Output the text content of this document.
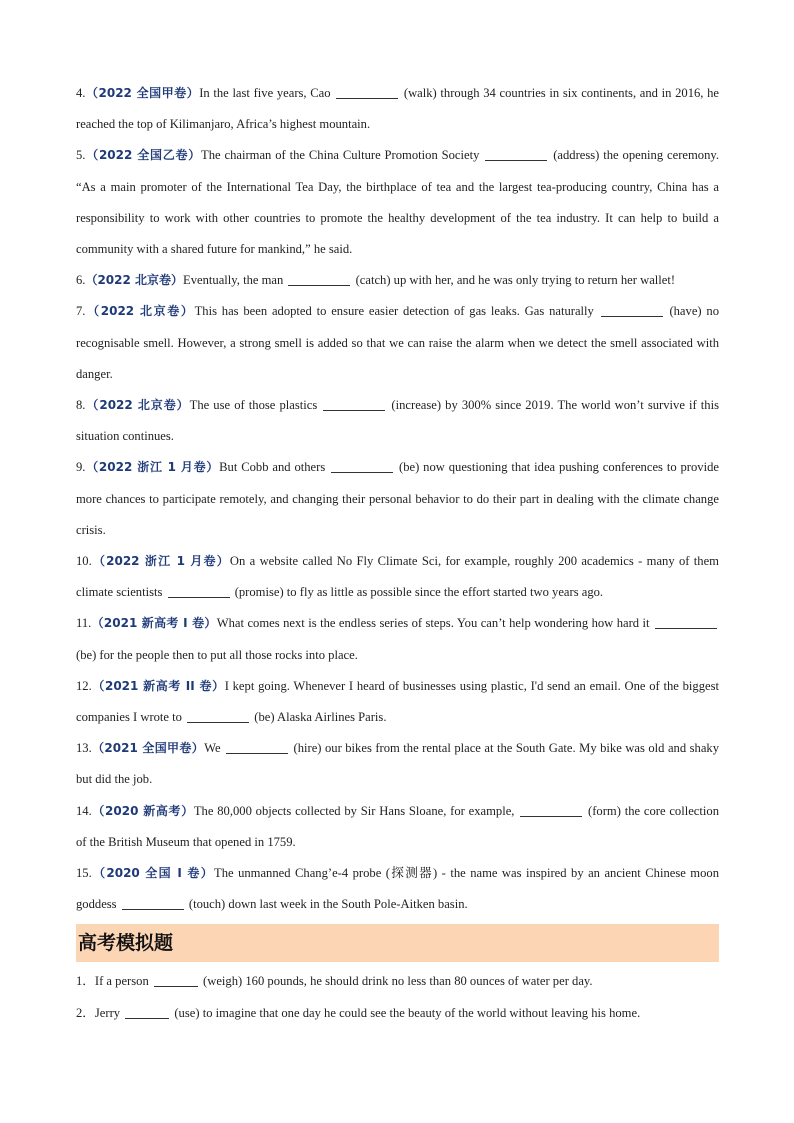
4.（2022 全国甲卷）In the last five years, Cao	(walk) through 34 countries in six continents, and in 2016, he reached the top of Kilimanjaro, Africa’s highest mountain.

5.（2022 全国乙卷）The chairman of the China Culture Promotion Society	(address) the opening ceremony. “As a main promoter of the International Tea Day, the birthplace of tea and the largest tea-producing country, China has a responsibility to work with other countries to promote the healthy development of the tea industry. It can help to build a community with a shared future for mankind,” he said.

6.（2022 北京卷）Eventually, the man	(catch) up with her, and he was only trying to return her wallet!

7.（2022 北京卷）This has been adopted to ensure easier detection of gas leaks. Gas naturally	(have) no recognisable smell. However, a strong smell is added so that we can raise the alarm when we detect the smell associated with danger.

8.（2022 北京卷）The use of those plastics	(increase) by 300% since 2019. The world won’t survive if this situation continues.

9.（2022 浙江 1 月卷）But Cobb and others	(be) now questioning that idea pushing conferences to provide more chances to participate remotely, and changing their personal behavior to do their part in dealing with the climate change crisis.

10.（2022 浙江 1 月卷）On a website called No Fly Climate Sci, for example, roughly 200 academics - many of them climate scientists	(promise) to fly as little as possible since the effort started two years ago.

11.（2021 新高考 I 卷）What comes next is the endless series of steps. You can’t help wondering how hard it  (be) for the people then to put all those rocks into place.

12.（2021 新高考 II 卷）I kept going. Whenever I heard of businesses using plastic, I'd send an email. One of the biggest companies I wrote to	(be) Alaska Airlines Paris.

13.（2021 全国甲卷）We	(hire) our bikes from the rental place at the South Gate. My bike was old and shaky but did the job.

14.（2020 新高考）The 80,000 objects collected by Sir Hans Sloane, for example,	(form) the core collection of the British Museum that opened in 1759.

15.（2020 全国 I 卷）The unmanned Chang’e-4 probe (探测器) - the name was inspired by an ancient Chinese moon goddess	(touch) down last week in the South Pole-Aitken basin.

高考模拟题

1．If a person	(weigh) 160 pounds, he should drink no less than 80 ounces of water per day.

2．Jerry	(use) to imagine that one day he could see the beauty of the world without leaving his home.
